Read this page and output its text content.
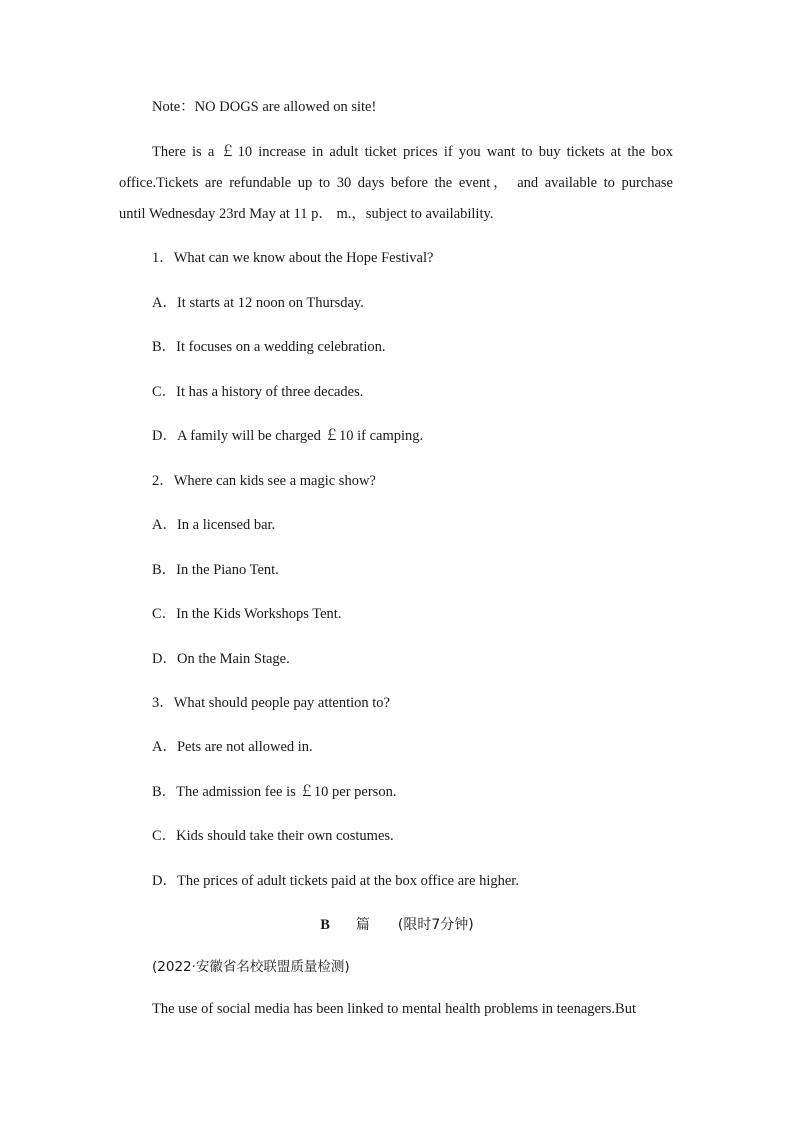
Note：NO DOGS are allowed on site!
There is a ￡10 increase in adult ticket prices if you want to buy tickets at the box
office.Tickets are refundable up to 30 days before the event， and available to purchase
until Wednesday 23rd May at 11 p． m.，subject to availability.
1．What can we know about the Hope Festival?
A．It starts at 12 noon on Thursday.
B．It focuses on a wedding celebration.
C．It has a history of three decades.
D．A family will be charged ￡10 if camping.
2．Where can kids see a magic show?
A．In a licensed bar.
B．In the Piano Tent.
C．In the Kids Workshops Tent.
D．On the Main Stage.
3．What should people pay attention to?
A．Pets are not allowed in.
B．The admission fee is ￡10 per person.
C．Kids should take their own costumes.
D．The prices of adult tickets paid at the box office are higher.
B 篇 (限时7分钟)
(2022·安徽省名校联盟质量检测)
The use of social media has been linked to mental health problems in teenagers.But
